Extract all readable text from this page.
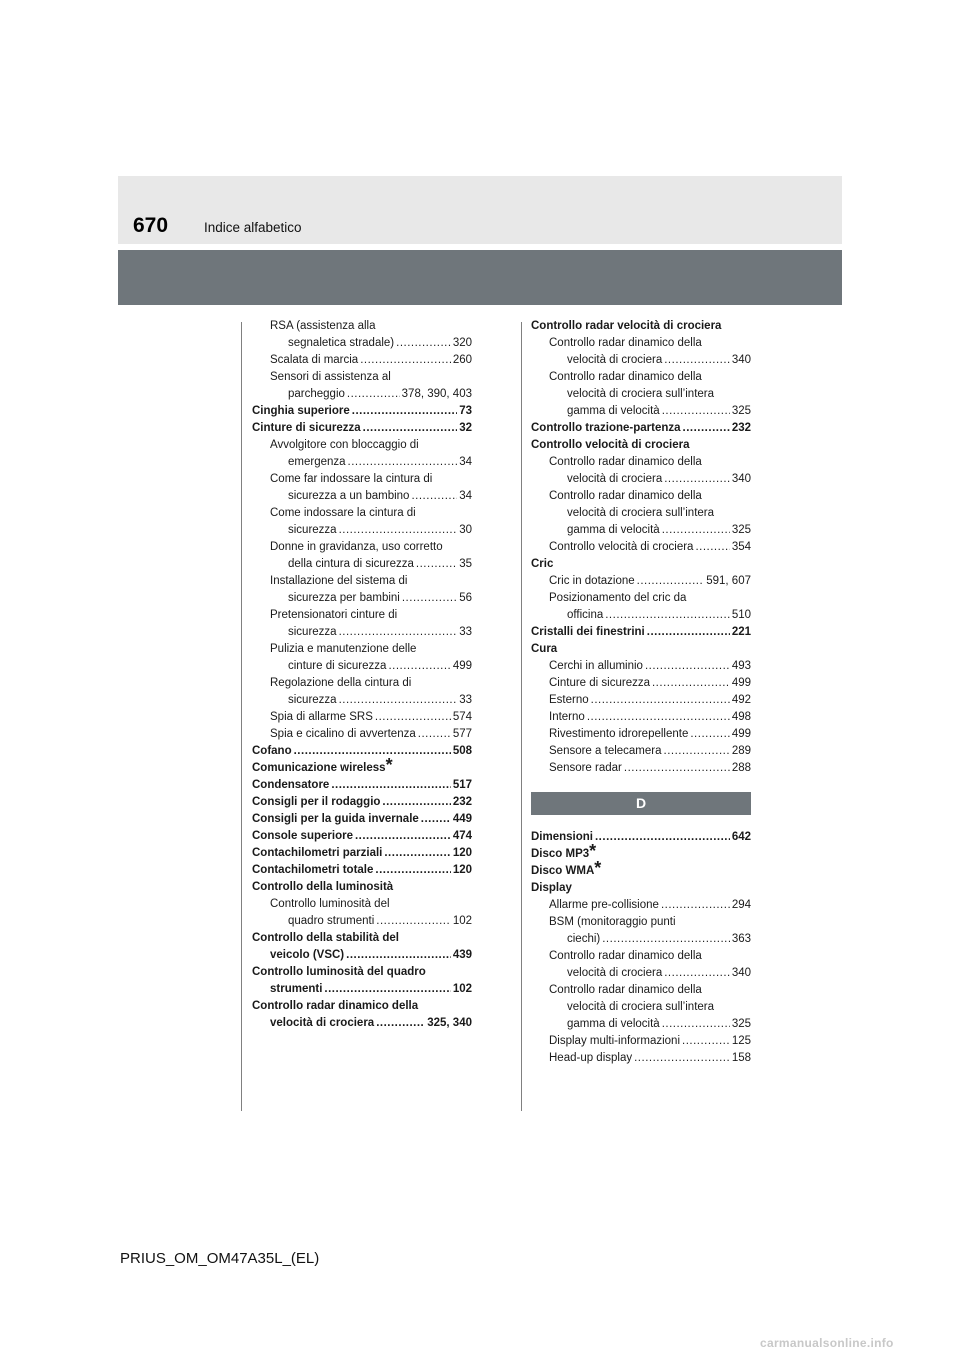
670	Indice alfabetico
RSA (assistenza alla
segnaletica stradale) .....	320
Scalata di marcia .....	260
Sensori di assistenza al
parcheggio .....	378, 390, 403
Cinghia superiore .....	73
Cinture di sicurezza .....	32
Avvolgitore con bloccaggio di
emergenza .....	34
Come far indossare la cintura di
sicurezza a un bambino .....	34
Come indossare la cintura di
sicurezza .....	30
Donne in gravidanza, uso corretto
della cintura di sicurezza .....	35
Installazione del sistema di
sicurezza per bambini .....	56
Pretensionatori cinture di
sicurezza .....	33
Pulizia e manutenzione delle
cinture di sicurezza .....	499
Regolazione della cintura di
sicurezza .....	33
Spia di allarme SRS .....	574
Spia e cicalino di avvertenza .....	577
Cofano .....	508
Comunicazione wireless *
Condensatore .....	517
Consigli per il rodaggio .....	232
Consigli per la guida invernale .....	449
Console superiore .....	474
Contachilometri parziali .....	120
Contachilometri totale .....	120
Controllo della luminosità
Controllo luminosità del
quadro strumenti .....	102
Controllo della stabilità del
veicolo (VSC) .....	439
Controllo luminosità del quadro
strumenti .....	102
Controllo radar dinamico della
velocità di crociera .....	325, 340
Controllo radar velocità di crociera
Controllo radar dinamico della
velocità di crociera .....	340
Controllo radar dinamico della
velocità di crociera sull’intera
gamma di velocità .....	325
Controllo trazione-partenza .....	232
Controllo velocità di crociera
Controllo radar dinamico della
velocità di crociera .....	340
Controllo radar dinamico della
velocità di crociera sull’intera
gamma di velocità .....	325
Controllo velocità di crociera .....	354
Cric
Cric in dotazione .....	591, 607
Posizionamento del cric da
officina .....	510
Cristalli dei finestrini .....	221
Cura
Cerchi in alluminio .....	493
Cinture di sicurezza .....	499
Esterno .....	492
Interno .....	498
Rivestimento idrorepellente .....	499
Sensore a telecamera .....	289
Sensore radar .....	288
D
Dimensioni .....	642
Disco MP3 *
Disco WMA *
Display
Allarme pre-collisione .....	294
BSM (monitoraggio punti
ciechi) .....	363
Controllo radar dinamico della
velocità di crociera .....	340
Controllo radar dinamico della
velocità di crociera sull’intera
gamma di velocità .....	325
Display multi-informazioni .....	125
Head-up display .....	158
PRIUS_OM_OM47A35L_(EL)
carmanualsonline.info
